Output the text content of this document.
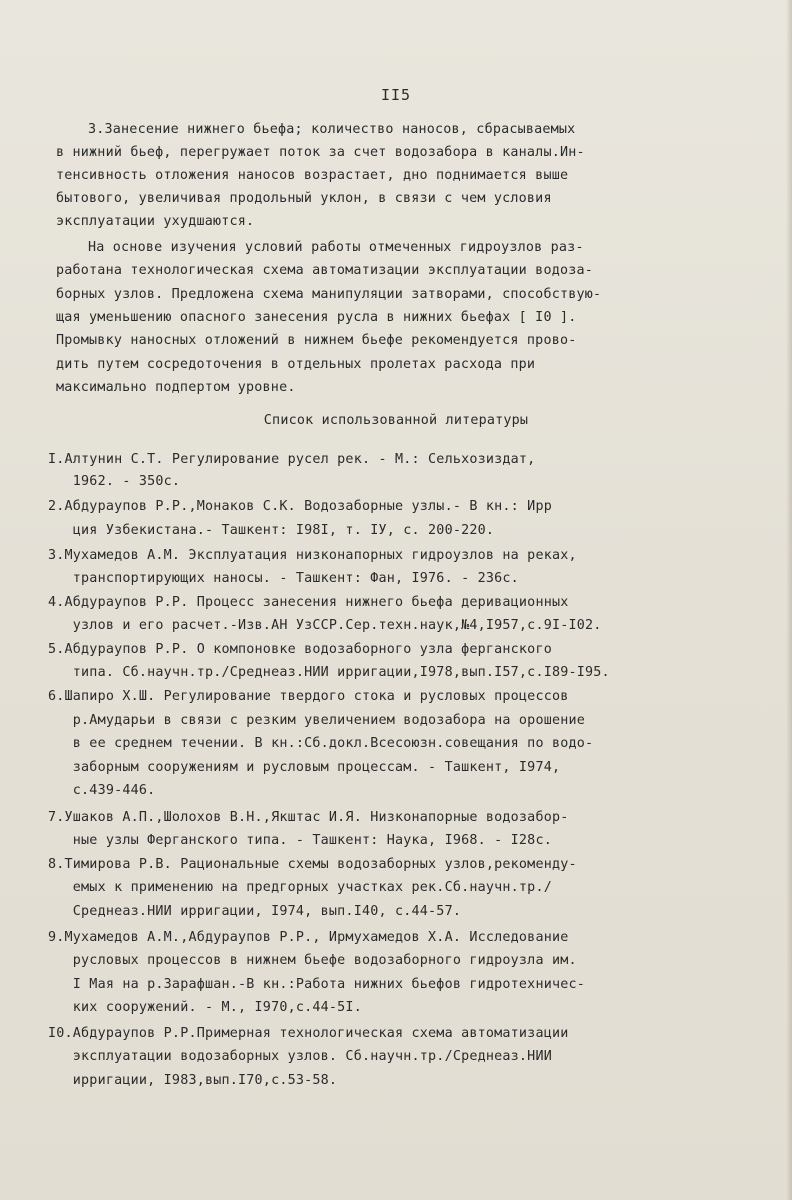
II5
3.Занесение нижнего бьефа; количество наносов, сбрасываемых
в нижний бьеф, перегружает поток за счет водозабора в каналы.Ин-
тенсивность отложения наносов возрастает, дно поднимается выше
бытового, увеличивая продольный уклон, в связи с чем условия
эксплуатации ухудшаются.
На основе изучения условий работы отмеченных гидроузлов раз-
работана технологическая схема автоматизации эксплуатации водоза-
борных узлов. Предложена схема манипуляции затворами, способствую-
щая уменьшению опасного занесения русла в нижних бьефах [ I0 ].
Промывку наносных отложений в нижнем бьефе рекомендуется прово-
дить путем сосредоточения в отдельных пролетах расхода при
максимально подпертом уровне.
Список использованной литературы
I.Алтунин С.Т. Регулирование русел рек. - М.: Сельхозиздат,
1962. - 350с.
2.Абдураупов Р.Р.,Монаков С.К. Водозаборные узлы.- В кн.: Ирр
ция Узбекистана.- Ташкент: I98I, т. IУ, с. 200-220.
3.Мухамедов А.М. Эксплуатация низконапорных гидроузлов на реках,
транспортирующих наносы. - Ташкент: Фан, I976. - 236с.
4.Абдураупов Р.Р. Процесс занесения нижнего бьефа деривационных
узлов и его расчет.-Изв.АН УзССР.Сер.техн.наук,№4,I957,с.9I-I02.
5.Абдураупов Р.Р. О компоновке водозаборного узла ферганского
типа. Сб.научн.тр./Среднеаз.НИИ ирригации,I978,вып.I57,с.I89-I95.
6.Шапиро Х.Ш. Регулирование твердого стока и русловых процессов
р.Амударьи в связи с резким увеличением водозабора на орошение
в ее среднем течении. В кн.:Сб.докл.Всесоюзн.совещания по водо-
заборным сооружениям и русловым процессам. - Ташкент, I974,
с.439-446.
7.Ушаков А.П.,Шолохов В.Н.,Якштас И.Я. Низконапорные водозабор-
ные узлы Ферганского типа. - Ташкент: Наука, I968. - I28с.
8.Тимирова Р.В. Рациональные схемы водозаборных узлов,рекоменду-
емых к применению на предгорных участках рек.Сб.научн.тр./
Среднеаз.НИИ ирригации, I974, вып.I40, с.44-57.
9.Мухамедов А.М.,Абдураупов Р.Р., Ирмухамедов Х.А. Исследование
русловых процессов в нижнем бьефе водозаборного гидроузла им.
I Мая на р.Зарафшан.-В кн.:Работа нижних бьефов гидротехничес-
ких сооружений. - М., I970,с.44-5I.
I0.Абдураупов Р.Р.Примерная технологическая схема автоматизации
эксплуатации водозаборных узлов. Сб.научн.тр./Среднеаз.НИИ
ирригации, I983,вып.I70,с.53-58.
